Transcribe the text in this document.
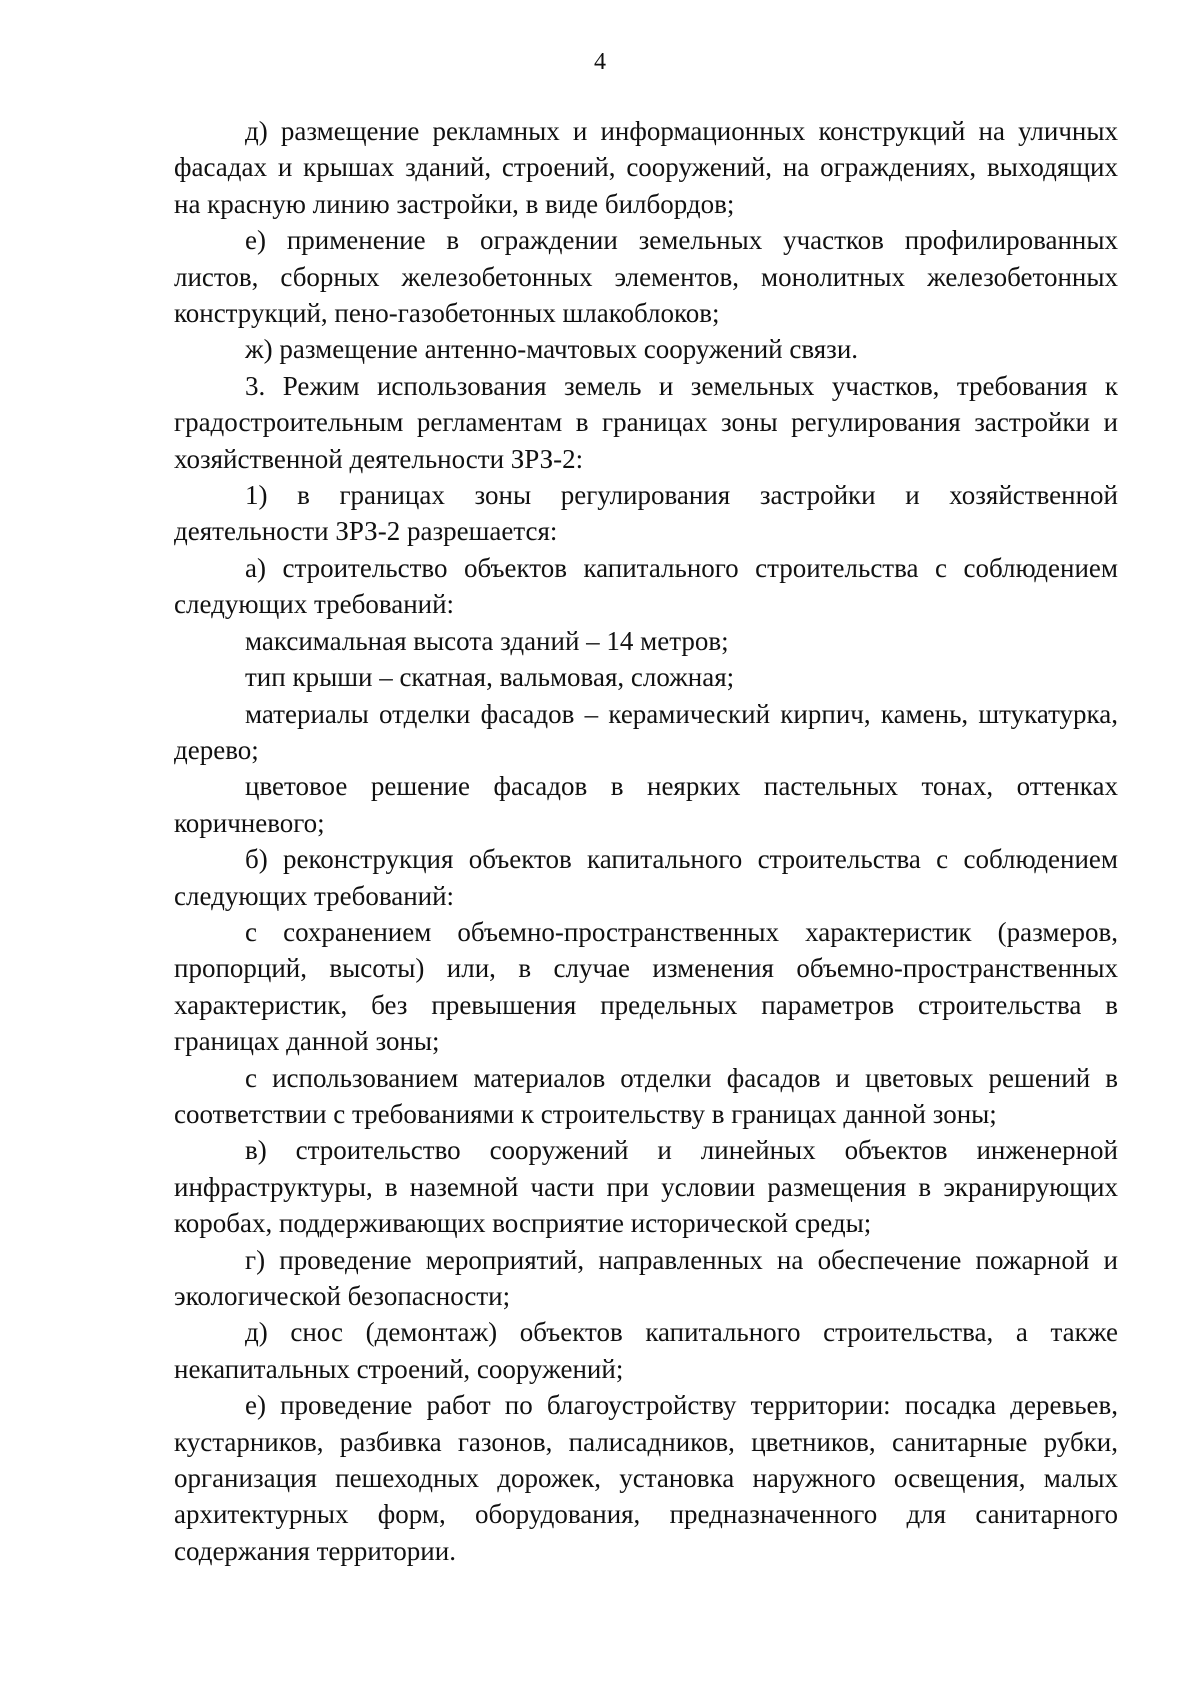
4

д) размещение рекламных и информационных конструкций на уличных фасадах и крышах зданий, строений, сооружений, на ограждениях, выходящих на красную линию застройки, в виде билбордов;

е) применение в ограждении земельных участков профилированных листов, сборных железобетонных элементов, монолитных железобетонных конструкций, пено-газобетонных шлакоблоков;

ж) размещение антенно-мачтовых сооружений связи.

3. Режим использования земель и земельных участков, требования к градостроительным регламентам в границах зоны регулирования застройки и хозяйственной деятельности ЗРЗ-2:

1) в границах зоны регулирования застройки и хозяйственной деятельности ЗРЗ-2 разрешается:

а) строительство объектов капитального строительства с соблюдением следующих требований:

максимальная высота зданий – 14 метров;

тип крыши – скатная, вальмовая, сложная;

материалы отделки фасадов – керамический кирпич, камень, штукатурка, дерево;

цветовое решение фасадов в неярких пастельных тонах, оттенках коричневого;

б) реконструкция объектов капитального строительства с соблюдением следующих требований:

с сохранением объемно-пространственных характеристик (размеров, пропорций, высоты) или, в случае изменения объемно-пространственных характеристик, без превышения предельных параметров строительства в границах данной зоны;

с использованием материалов отделки фасадов и цветовых решений в соответствии с требованиями к строительству в границах данной зоны;

в) строительство сооружений и линейных объектов инженерной инфраструктуры, в наземной части при условии размещения в экранирующих коробах, поддерживающих восприятие исторической среды;

г) проведение мероприятий, направленных на обеспечение пожарной и экологической безопасности;

д) снос (демонтаж) объектов капитального строительства, а также некапитальных строений, сооружений;

е) проведение работ по благоустройству территории: посадка деревьев, кустарников, разбивка газонов, палисадников, цветников, санитарные рубки, организация пешеходных дорожек, установка наружного освещения, малых архитектурных форм, оборудования, предназначенного для санитарного содержания территории.
